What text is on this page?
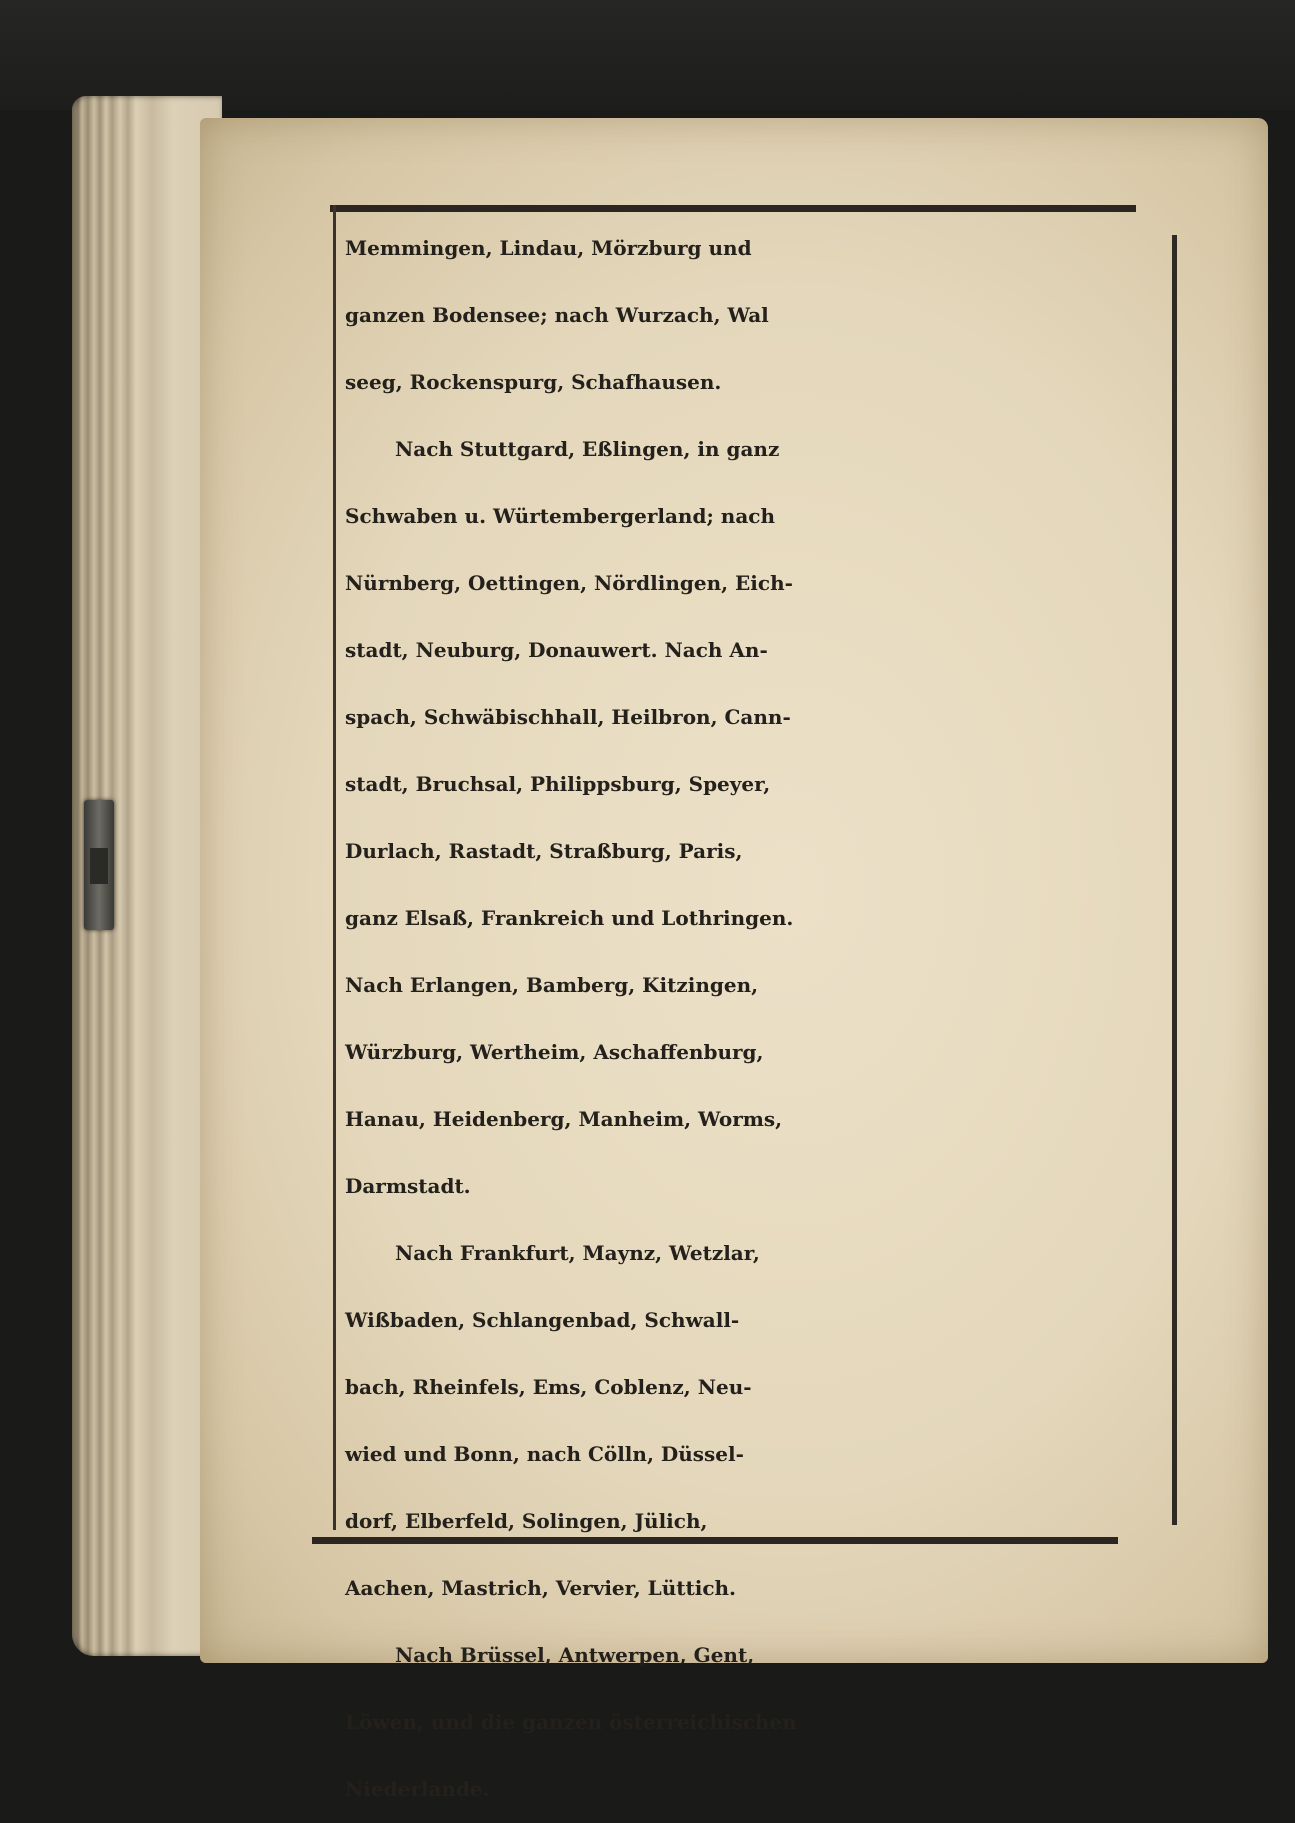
Memmingen, Lindau, Mörzburg und
ganzen Bodensee; nach Wurzach, Wal
seeg, Rockenspurg, Schafhausen.
Nach Stuttgard, Eßlingen, in ganz
Schwaben u. Würtembergerland; nach
Nürnberg, Oettingen, Nördlingen, Eich-
stadt, Neuburg, Donauwert. Nach An-
spach, Schwäbischhall, Heilbron, Cann-
stadt, Bruchsal, Philippsburg, Speyer,
Durlach, Rastadt, Straßburg, Paris,
ganz Elsaß, Frankreich und Lothringen.
Nach Erlangen, Bamberg, Kitzingen,
Würzburg, Wertheim, Aschaffenburg,
Hanau, Heidenberg, Manheim, Worms,
Darmstadt.
Nach Frankfurt, Maynz, Wetzlar,
Wißbaden, Schlangenbad, Schwall-
bach, Rheinfels, Ems, Coblenz, Neu-
wied und Bonn, nach Cölln, Düssel-
dorf, Elberfeld, Solingen, Jülich,
Aachen, Mastrich, Vervier, Lüttich.
Nach Brüssel, Antwerpen, Gent,
Löwen, und die ganzen österreichischen
Niederlande.
